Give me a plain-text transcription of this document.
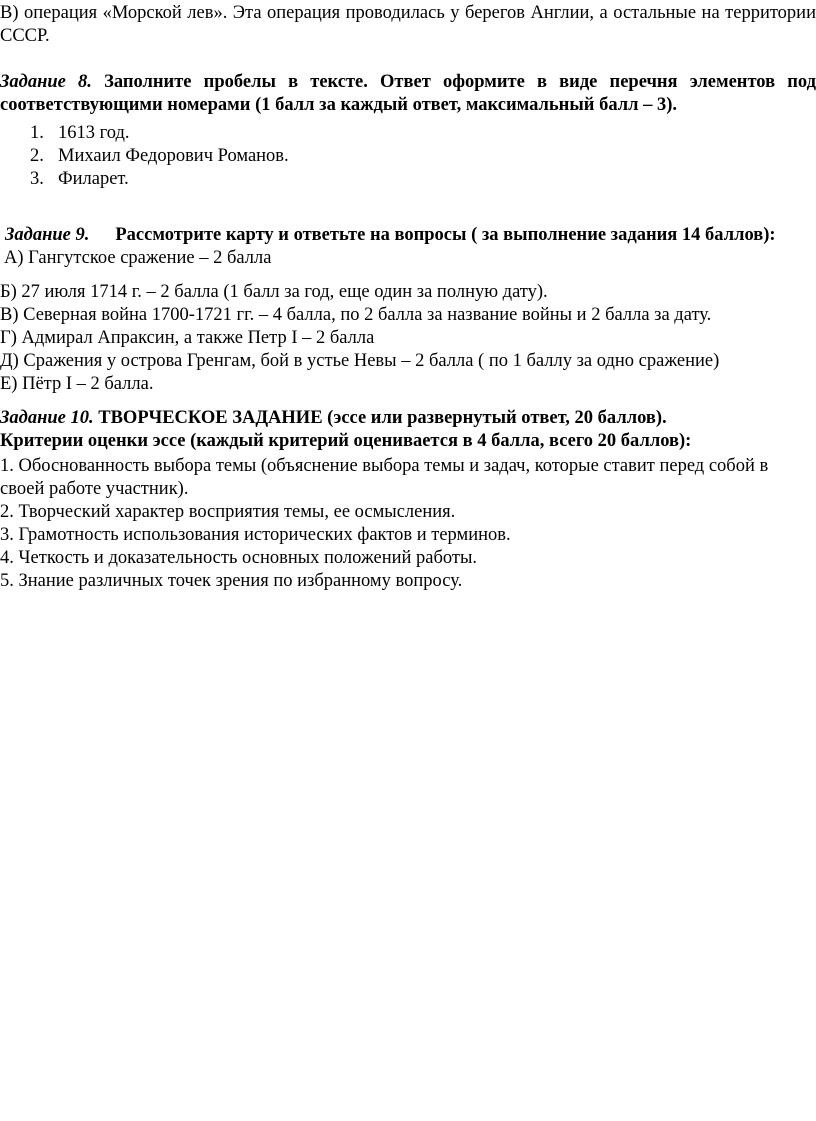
В) операция «Морской лев». Эта операция проводилась у берегов Англии, а остальные на территории СССР.

Задание 8. Заполните пробелы в тексте. Ответ оформите в виде перечня элементов под соответствующими номерами (1 балл за каждый ответ, максимальный балл – 3).

1. 1613 год.
2. Михаил Федорович Романов.
3. Филарет.

Задание 9. Рассмотрите карту и ответьте на вопросы ( за выполнение задания 14 баллов):

А) Гангутское сражение – 2 балла
Б) 27 июля 1714 г. – 2 балла (1 балл за год, еще один за полную дату).
В) Северная война 1700-1721 гг. – 4 балла, по 2 балла за название войны и 2 балла за дату.
Г) Адмирал Апраксин, а также Петр I – 2 балла
Д) Сражения у острова Гренгам, бой в устье Невы – 2 балла ( по 1 баллу за одно сражение)
Е) Пётр I – 2 балла.

Задание 10. ТВОРЧЕСКОЕ ЗАДАНИЕ (эссе или развернутый ответ, 20 баллов).

Критерии оценки эссе (каждый критерий оценивается в 4 балла, всего 20 баллов):

1. Обоснованность выбора темы (объяснение выбора темы и задач, которые ставит перед собой в своей работе участник).
2. Творческий характер восприятия темы, ее осмысления.
3. Грамотность использования исторических фактов и терминов.
4. Четкость и доказательность основных положений работы.
5. Знание различных точек зрения по избранному вопросу.
